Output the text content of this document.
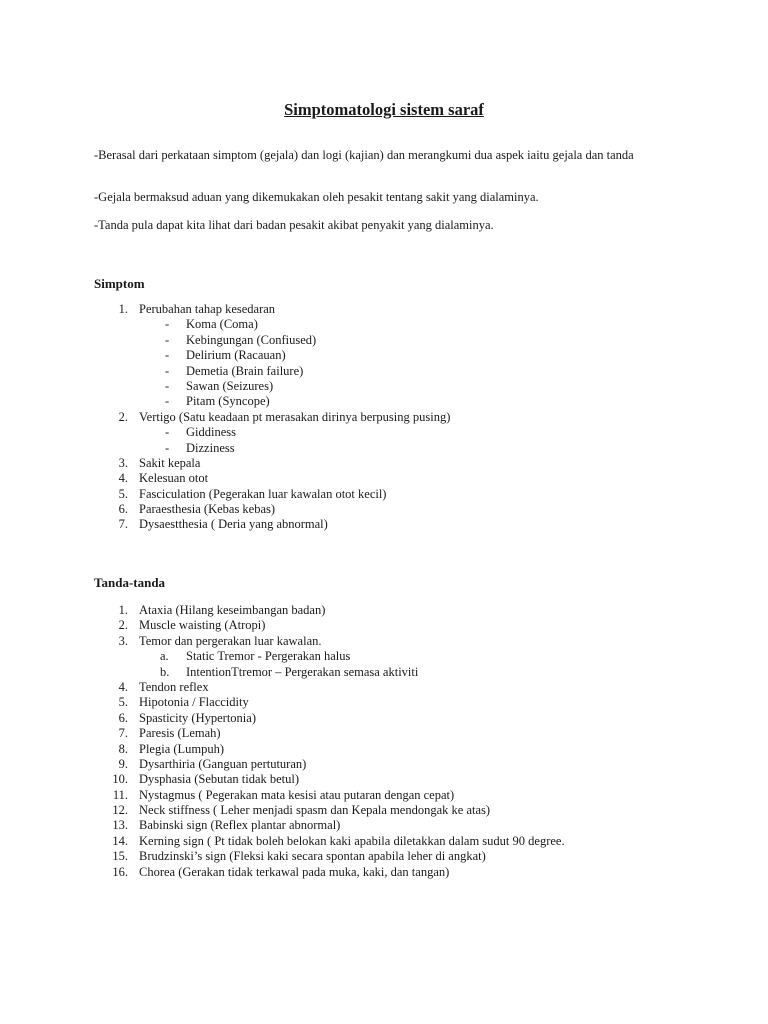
Simptomatologi sistem saraf

-Berasal dari perkataan simptom (gejala) dan logi (kajian) dan merangkumi dua aspek iaitu gejala dan tanda

-Gejala bermaksud aduan yang dikemukakan oleh pesakit tentang sakit yang dialaminya.

-Tanda pula dapat kita lihat dari badan pesakit akibat penyakit yang dialaminya.

Simptom
1. Perubahan tahap kesedaran
- Koma (Coma)
- Kebingungan (Confiused)
- Delirium (Racauan)
- Demetia (Brain failure)
- Sawan (Seizures)
- Pitam (Syncope)
2. Vertigo (Satu keadaan pt merasakan dirinya berpusing pusing)
- Giddiness
- Dizziness
3. Sakit kepala
4. Kelesuan otot
5. Fasciculation (Pegerakan luar kawalan otot kecil)
6. Paraesthesia (Kebas kebas)
7. Dysaestthesia ( Deria yang abnormal)
Tanda-tanda
1. Ataxia (Hilang keseimbangan badan)
2. Muscle waisting (Atropi)
3. Temor dan pergerakan luar kawalan.
a. Static Tremor - Pergerakan halus
b. IntentionTtremor – Pergerakan semasa aktiviti
4. Tendon reflex
5. Hipotonia / Flaccidity
6. Spasticity (Hypertonia)
7. Paresis (Lemah)
8. Plegia (Lumpuh)
9. Dysarthiria (Ganguan pertuturan)
10. Dysphasia (Sebutan tidak betul)
11. Nystagmus ( Pegerakan mata kesisi atau putaran dengan cepat)
12. Neck stiffness ( Leher menjadi spasm dan Kepala mendongak ke atas)
13. Babinski sign (Reflex plantar abnormal)
14. Kerning sign ( Pt tidak boleh belokan kaki apabila diletakkan dalam sudut 90 degree.
15. Brudzinski’s sign (Fleksi kaki secara spontan apabila leher di angkat)
16. Chorea (Gerakan tidak terkawal pada muka, kaki, dan tangan)
